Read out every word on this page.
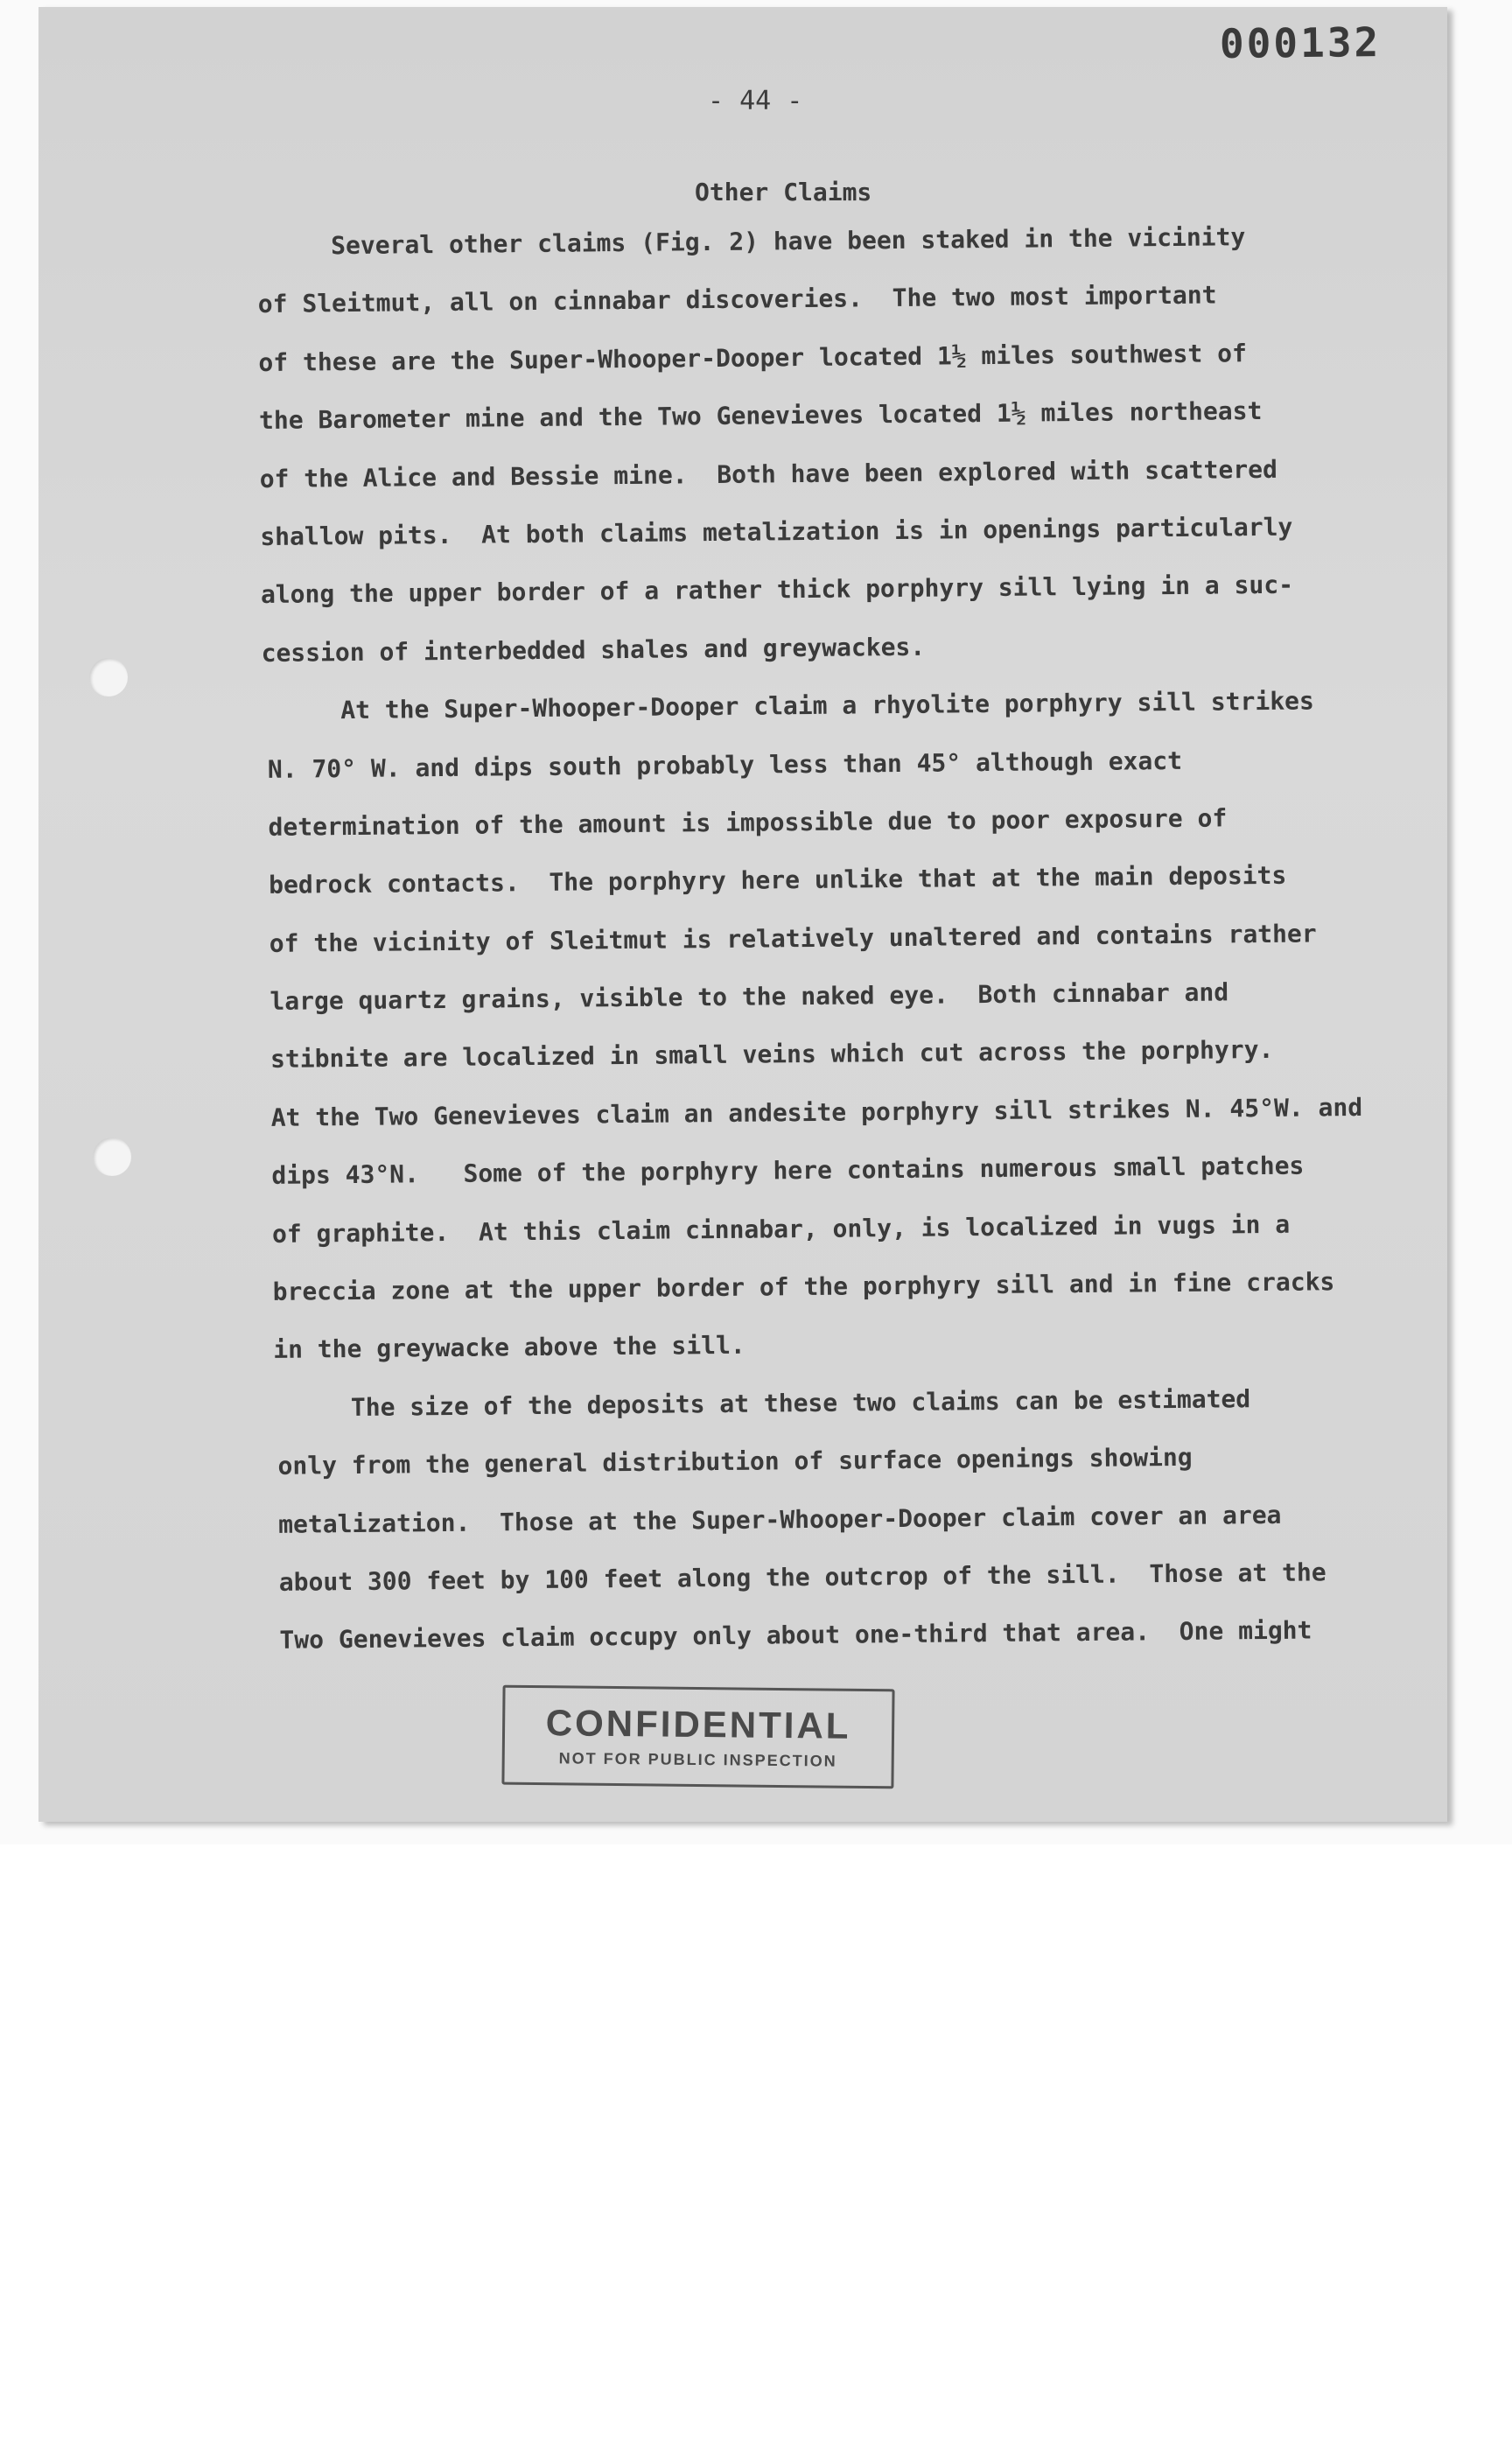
000132
- 44 -
Other Claims
Several other claims (Fig. 2) have been staked in the vicinity
of Sleitmut, all on cinnabar discoveries.  The two most important
of these are the Super-Whooper-Dooper located 1½ miles southwest of
the Barometer mine and the Two Genevieves located 1½ miles northeast
of the Alice and Bessie mine.  Both have been explored with scattered
shallow pits.  At both claims metalization is in openings particularly
along the upper border of a rather thick porphyry sill lying in a suc-
cession of interbedded shales and greywackes.
At the Super-Whooper-Dooper claim a rhyolite porphyry sill strikes
N. 70° W. and dips south probably less than 45° although exact
determination of the amount is impossible due to poor exposure of
bedrock contacts.  The porphyry here unlike that at the main deposits
of the vicinity of Sleitmut is relatively unaltered and contains rather
large quartz grains, visible to the naked eye.  Both cinnabar and
stibnite are localized in small veins which cut across the porphyry.
At the Two Genevieves claim an andesite porphyry sill strikes N. 45°W. and
dips 43°N.   Some of the porphyry here contains numerous small patches
of graphite.  At this claim cinnabar, only, is localized in vugs in a
breccia zone at the upper border of the porphyry sill and in fine cracks
in the greywacke above the sill.
The size of the deposits at these two claims can be estimated
only from the general distribution of surface openings showing
metalization.  Those at the Super-Whooper-Dooper claim cover an area
about 300 feet by 100 feet along the outcrop of the sill.  Those at the
Two Genevieves claim occupy only about one-third that area.  One might
CONFIDENTIAL
NOT FOR PUBLIC INSPECTION
